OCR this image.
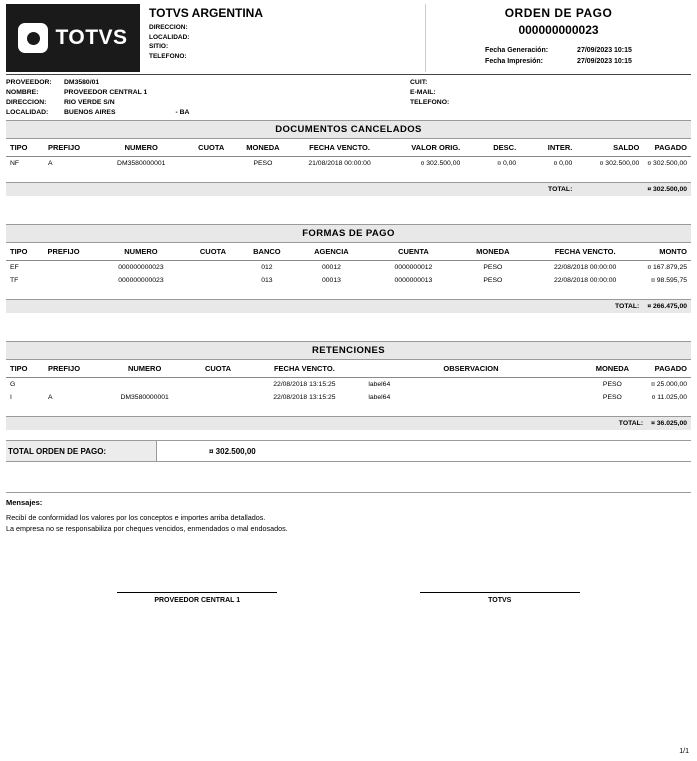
TOTVS
TOTVS ARGENTINA
DIRECCION:
LOCALIDAD:
SITIO:
TELEFONO:
ORDEN DE PAGO
000000000023
Fecha Generación:	27/09/2023 10:15
Fecha Impresión:	27/09/2023 10:15
PROVEEDOR:	DM3580/01
NOMBRE:	PROVEEDOR CENTRAL 1
DIRECCION:	RIO VERDE S/N
LOCALIDAD:	BUENOS AIRES	- BA
CUIT:
E-MAIL:
TELEFONO:
DOCUMENTOS CANCELADOS
TIPO	PREFIJO	NUMERO	CUOTA	MONEDA	FECHA VENCTO.	VALOR ORIG.	DESC.	INTER.	SALDO	PAGADO
NF	A	DM3580000001		PESO	21/08/2018 00:00:00	¤ 302.500,00	¤ 0,00	¤ 0,00	¤ 302.500,00	¤ 302.500,00

TOTAL:									¤ 302.500,00	
FORMAS DE PAGO
TIPO	PREFIJO	NUMERO	CUOTA	BANCO	AGENCIA	CUENTA	MONEDA	FECHA VENCTO.	MONTO
EF		000000000023		012	00012	0000000012	PESO	22/08/2018 00:00:00	¤ 167.879,25
TF		000000000023		013	00013	0000000013	PESO	22/08/2018 00:00:00	¤ 98.595,75

TOTAL:									¤ 266.475,00
RETENCIONES
TIPO	PREFIJO	NUMERO	CUOTA	FECHA VENCTO.	OBSERVACION	MONEDA	PAGADO
G				22/08/2018 13:15:25	label64	PESO	¤ 25.000,00
I	A	DM3580000001		22/08/2018 13:15:25	label64	PESO	¤ 11.025,00

TOTAL:							¤ 36.025,00
TOTAL ORDEN DE PAGO:	¤ 302.500,00
Mensajes:
Recibí de conformidad los valores por los conceptos e importes arriba detallados.
La empresa no se responsabiliza por cheques vencidos, enmendados o mal endosados.
PROVEEDOR CENTRAL 1	TOTVS
1/1
